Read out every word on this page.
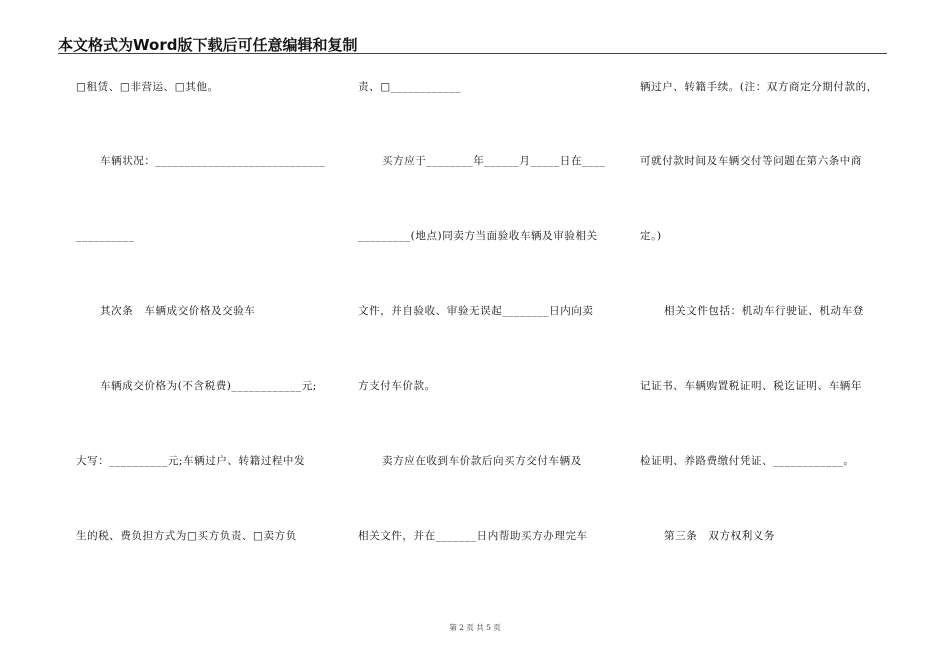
本文格式为Word版下载后可任意编辑和复制
□租赁、□非营运、□其他。
车辆状况：_____________________________
__________
其次条　车辆成交价格及交验车
车辆成交价格为(不含税费)____________元;
大写：__________元;车辆过户、转籍过程中发
生的税、费负担方式为□买方负责、□卖方负
责、□____________
买方应于________年______月_____日在____
_________(地点)同卖方当面验收车辆及审验相关
文件，并自验收、审验无误起________日内向卖
方支付车价款。
卖方应在收到车价款后向买方交付车辆及
相关文件，并在_______日内帮助买方办理完车
辆过户、转籍手续。(注：双方商定分期付款的，
可就付款时间及车辆交付等问题在第六条中商
定。)
相关文件包括：机动车行驶证、机动车登
记证书、车辆购置税证明、税讫证明、车辆年
检证明、养路费缴付凭证、____________。
第三条　双方权利义务
第 2 页 共 5 页
